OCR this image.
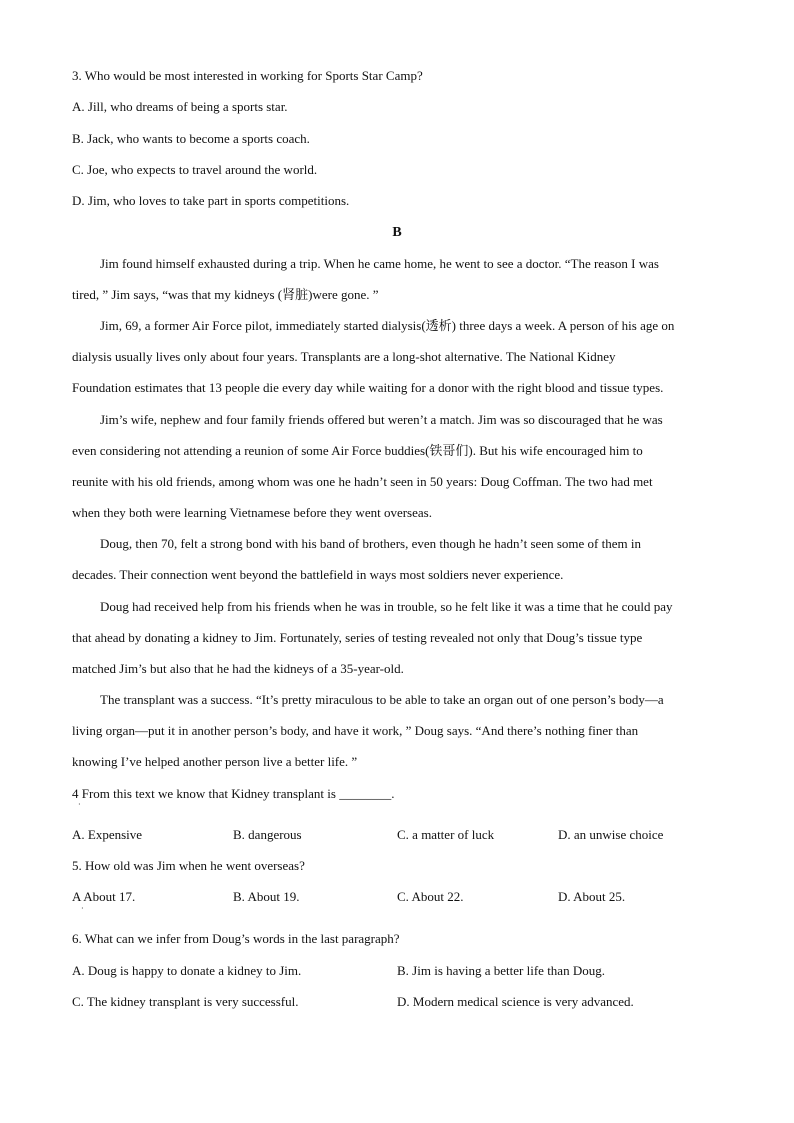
3. Who would be most interested in working for Sports Star Camp?
A. Jill, who dreams of being a sports star.
B. Jack, who wants to become a sports coach.
C. Joe, who expects to travel around the world.
D. Jim, who loves to take part in sports competitions.
B
Jim found himself exhausted during a trip. When he came home, he went to see a doctor. “The reason I was
tired, ” Jim says, “was that my kidneys (肾脏)were gone. ”
Jim, 69, a former Air Force pilot, immediately started dialysis(透析) three days a week. A person of his age on
dialysis usually lives only about four years. Transplants are a long-shot alternative. The National Kidney
Foundation estimates that 13 people die every day while waiting for a donor with the right blood and tissue types.
Jim’s wife, nephew and four family friends offered but weren’t a match. Jim was so discouraged that he was
even considering not attending a reunion of some Air Force buddies(铁哥们). But his wife encouraged him to
reunite with his old friends, among whom was one he hadn’t seen in 50 years: Doug Coffman. The two had met
when they both were learning Vietnamese before they went overseas.
Doug, then 70, felt a strong bond with his band of brothers, even though he hadn’t seen some of them in
decades. Their connection went beyond the battlefield in ways most soldiers never experience.
Doug had received help from his friends when he was in trouble, so he felt like it was a time that he could pay
that ahead by donating a kidney to Jim. Fortunately, series of testing revealed not only that Doug’s tissue type
matched Jim’s but also that he had the kidneys of a 35-year-old.
The transplant was a success. “It’s pretty miraculous to be able to take an organ out of one person’s body—a
living organ—put it in another person’s body, and have it work, ” Doug says. “And there’s nothing finer than
knowing I’ve helped another person live a better life. ”
4 From this text we know that Kidney transplant is ________.
·
A. Expensive	B. dangerous	C. a matter of luck	D. an unwise choice
5. How old was Jim when he went overseas?
A About 17.
·
B. About 19.	C. About 22.	D. About 25.
6. What can we infer from Doug’s words in the last paragraph?
A. Doug is happy to donate a kidney to Jim.	B. Jim is having a better life than Doug.
C. The kidney transplant is very successful.	D. Modern medical science is very advanced.
